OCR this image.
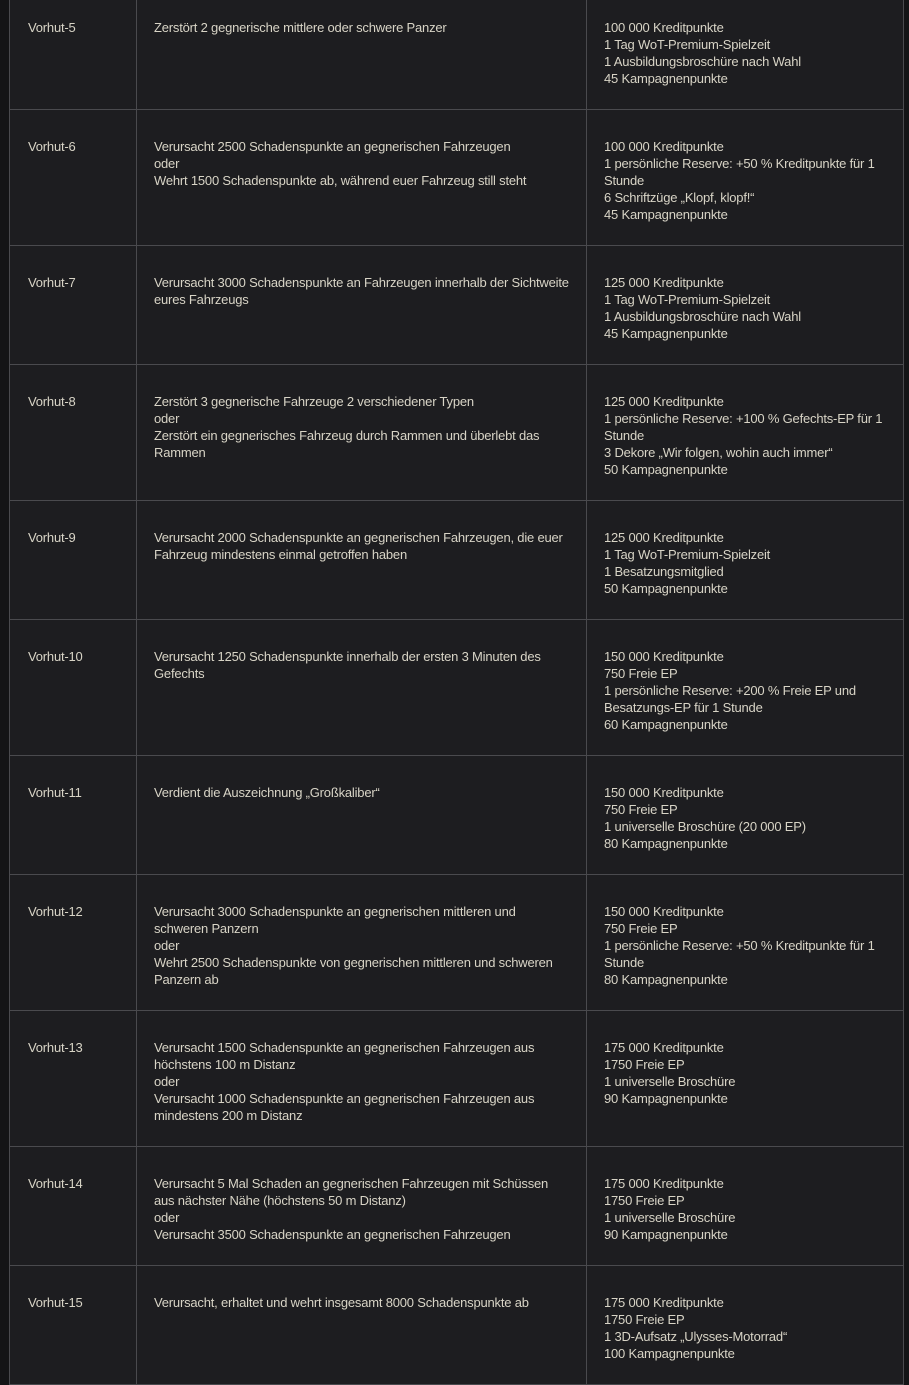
Vorhut-5	Zerstört 2 gegnerische mittlere oder schwere Panzer	100 000 Kreditpunkte
1 Tag WoT-Premium-Spielzeit
1 Ausbildungsbroschüre nach Wahl
45 Kampagnenpunkte

Vorhut-6	Verursacht 2500 Schadenspunkte an gegnerischen Fahrzeugen
oder
Wehrt 1500 Schadenspunkte ab, während euer Fahrzeug still steht	100 000 Kreditpunkte
1 persönliche Reserve: +50 % Kreditpunkte für 1 Stunde
6 Schriftzüge „Klopf, klopf!“
45 Kampagnenpunkte

Vorhut-7	Verursacht 3000 Schadenspunkte an Fahrzeugen innerhalb der Sichtweite eures Fahrzeugs	125 000 Kreditpunkte
1 Tag WoT-Premium-Spielzeit
1 Ausbildungsbroschüre nach Wahl
45 Kampagnenpunkte

Vorhut-8	Zerstört 3 gegnerische Fahrzeuge 2 verschiedener Typen
oder
Zerstört ein gegnerisches Fahrzeug durch Rammen und überlebt das Rammen	125 000 Kreditpunkte
1 persönliche Reserve: +100 % Gefechts-EP für 1 Stunde
3 Dekore „Wir folgen, wohin auch immer“
50 Kampagnenpunkte

Vorhut-9	Verursacht 2000 Schadenspunkte an gegnerischen Fahrzeugen, die euer Fahrzeug mindestens einmal getroffen haben	125 000 Kreditpunkte
1 Tag WoT-Premium-Spielzeit
1 Besatzungsmitglied
50 Kampagnenpunkte

Vorhut-10	Verursacht 1250 Schadenspunkte innerhalb der ersten 3 Minuten des Gefechts	150 000 Kreditpunkte
750 Freie EP
1 persönliche Reserve: +200 % Freie EP und Besatzungs-EP für 1 Stunde
60 Kampagnenpunkte

Vorhut-11	Verdient die Auszeichnung „Großkaliber“	150 000 Kreditpunkte
750 Freie EP
1 universelle Broschüre (20 000 EP)
80 Kampagnenpunkte

Vorhut-12	Verursacht 3000 Schadenspunkte an gegnerischen mittleren und schweren Panzern
oder
Wehrt 2500 Schadenspunkte von gegnerischen mittleren und schweren Panzern ab	150 000 Kreditpunkte
750 Freie EP
1 persönliche Reserve: +50 % Kreditpunkte für 1 Stunde
80 Kampagnenpunkte

Vorhut-13	Verursacht 1500 Schadenspunkte an gegnerischen Fahrzeugen aus höchstens 100 m Distanz
oder
Verursacht 1000 Schadenspunkte an gegnerischen Fahrzeugen aus mindestens 200 m Distanz	175 000 Kreditpunkte
1750 Freie EP
1 universelle Broschüre
90 Kampagnenpunkte

Vorhut-14	Verursacht 5 Mal Schaden an gegnerischen Fahrzeugen mit Schüssen aus nächster Nähe (höchstens 50 m Distanz)
oder
Verursacht 3500 Schadenspunkte an gegnerischen Fahrzeugen	175 000 Kreditpunkte
1750 Freie EP
1 universelle Broschüre
90 Kampagnenpunkte

Vorhut-15	Verursacht, erhaltet und wehrt insgesamt 8000 Schadenspunkte ab	175 000 Kreditpunkte
1750 Freie EP
1 3D-Aufsatz „Ulysses-Motorrad“
100 Kampagnenpunkte
